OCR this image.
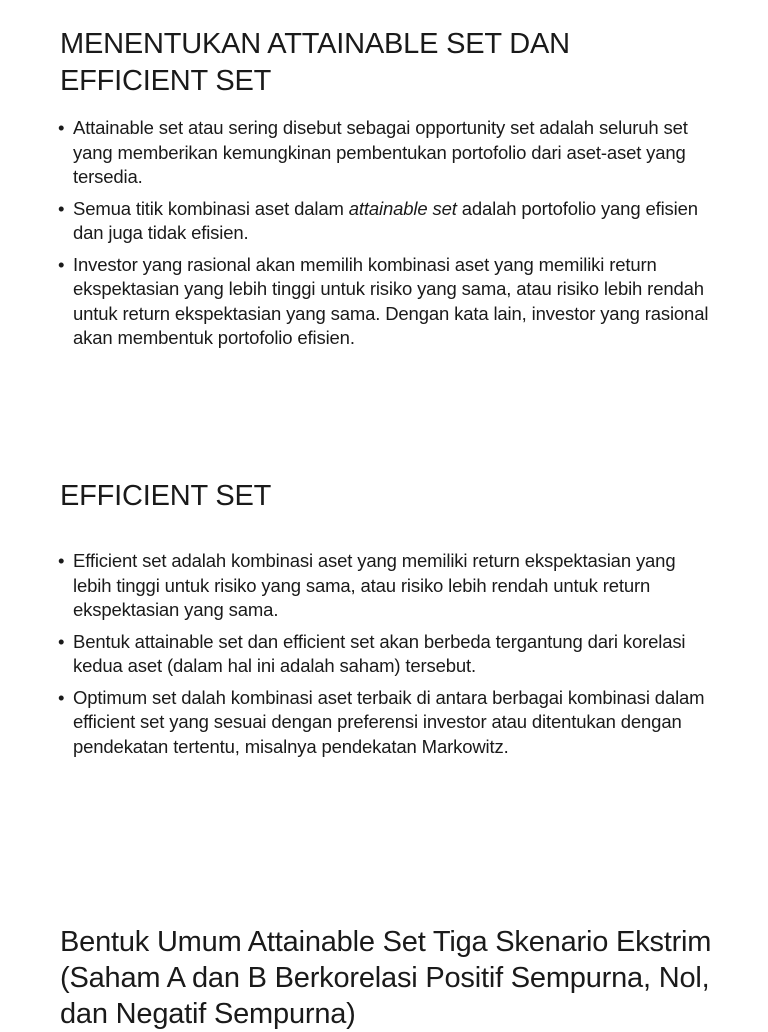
MENENTUKAN ATTAINABLE SET DAN
EFFICIENT SET
• Attainable set atau sering disebut sebagai opportunity set adalah seluruh set yang memberikan kemungkinan pembentukan portofolio dari aset-aset yang tersedia.
• Semua titik kombinasi aset dalam attainable set adalah portofolio yang efisien dan juga tidak efisien.
• Investor yang rasional akan memilih kombinasi aset yang memiliki return ekspektasian yang lebih tinggi untuk risiko yang sama, atau risiko lebih rendah untuk return ekspektasian yang sama. Dengan kata lain, investor yang rasional akan membentuk portofolio efisien.
EFFICIENT SET
• Efficient set adalah kombinasi aset yang memiliki return ekspektasian yang lebih tinggi untuk risiko yang sama, atau risiko lebih rendah untuk return ekspektasian yang sama.
• Bentuk attainable set dan efficient set akan berbeda tergantung dari korelasi kedua aset (dalam hal ini adalah saham) tersebut.
• Optimum set dalah kombinasi aset terbaik di antara berbagai kombinasi dalam efficient set yang sesuai dengan preferensi investor atau ditentukan dengan pendekatan tertentu, misalnya pendekatan Markowitz.
Bentuk Umum Attainable Set Tiga Skenario Ekstrim
(Saham A dan B Berkorelasi Positif Sempurna, Nol,
dan Negatif Sempurna)
